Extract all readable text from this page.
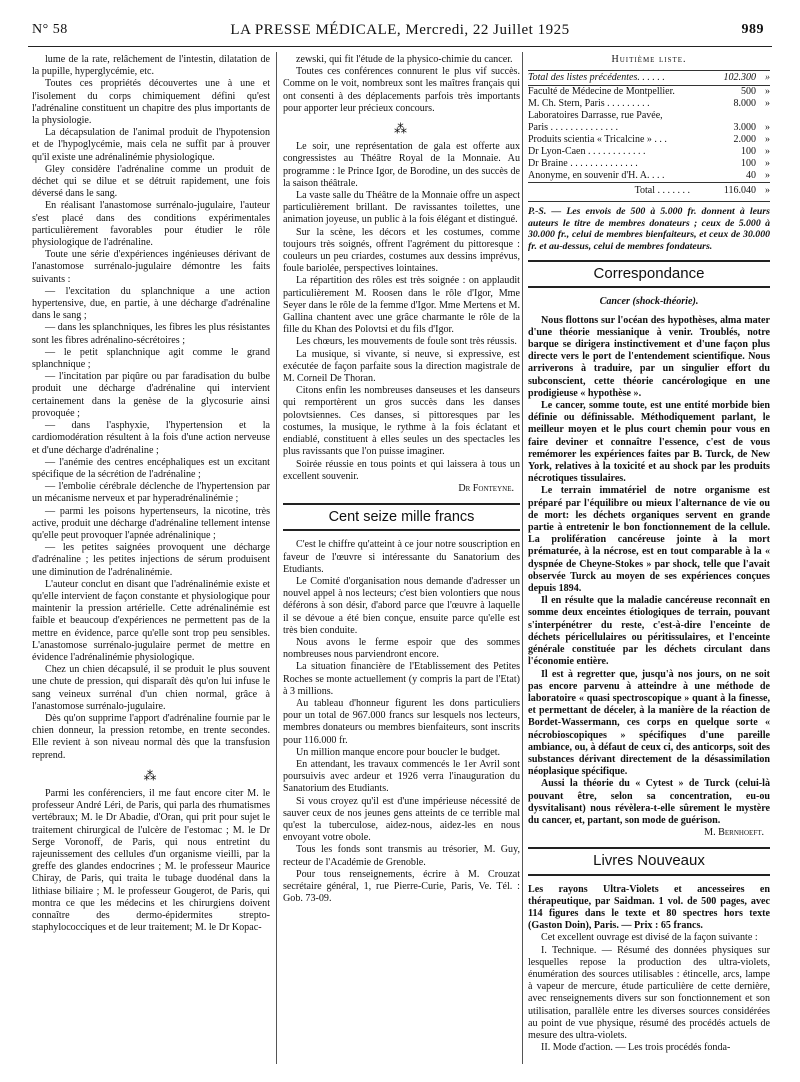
N° 58	LA PRESSE MÉDICALE, Mercredi, 22 Juillet 1925	989

lume de la rate, relâchement de l'intestin, dilatation de la pupille, hyperglycémie, etc.

Toutes ces propriétés découvertes une à une et l'isolement du corps chimiquement défini qu'est l'adrénaline constituent un chapitre des plus importants de la physiologie.

La décapsulation de l'animal produit de l'hypotension et de l'hypoglycémie, mais cela ne suffit par à prouver qu'il existe une adrénalinémie physiologique.

Gley considère l'adrénaline comme un produit de déchet qui se dilue et se détruit rapidement, une fois déversé dans le sang.

En réalisant l'anastomose surrénalo-jugulaire, l'auteur s'est placé dans des conditions expérimentales particulièrement favorables pour étudier le rôle physiologique de l'adrénaline.

Toute une série d'expériences ingénieuses dérivant de l'anastomose surrénalo-jugulaire démontre les faits suivants :

— l'excitation du splanchnique a une action hypertensive, due, en partie, à une décharge d'adrénaline dans le sang ;

— dans les splanchniques, les fibres les plus résistantes sont les fibres adrénalino-sécrétoires ;

— le petit splanchnique agit comme le grand splanchnique ;

— l'incitation par piqûre ou par faradisation du bulbe produit une décharge d'adrénaline qui intervient certainement dans la genèse de la glycosurie ainsi provoquée ;

— dans l'asphyxie, l'hypertension et la cardiomodération résultent à la fois d'une action nerveuse et d'une décharge d'adrénaline ;

— l'anémie des centres encéphaliques est un excitant spécifique de la sécrétion de l'adrénaline ;

— l'embolie cérébrale déclenche de l'hypertension par un mécanisme nerveux et par hyperadrénalinémie ;

— parmi les poisons hypertenseurs, la nicotine, très active, produit une décharge d'adrénaline tellement intense qu'elle peut provoquer l'apnée adrénalinique ;

— les petites saignées provoquent une décharge d'adrénaline ; les petites injections de sérum produisent une diminution de l'adrénalinémie.

L'auteur conclut en disant que l'adrénalinémie existe et qu'elle intervient de façon constante et physiologique pour maintenir la pression artérielle. Cette adrénalinémie est faible et beaucoup d'expériences ne permettent pas de la mettre en évidence, parce qu'elle sont trop peu sensibles. L'anastomose surrénalo-jugulaire permet de mettre en évidence l'adrénalinémie physiologique.

Chez un chien décapsulé, il se produit le plus souvent une chute de pression, qui disparaît dès qu'on lui infuse le sang veineux surrénal d'un chien normal, grâce à l'anastomose surrénalo-jugulaire.

Dès qu'on supprime l'apport d'adrénaline fournie par le chien donneur, la pression retombe, en trente secondes. Elle revient à son niveau normal dès que la transfusion reprend.

⁂

Parmi les conférenciers, il me faut encore citer M. le professeur André Léri, de Paris, qui parla des rhumatismes vertébraux; M. le Dr Abadie, d'Oran, qui prit pour sujet le traitement chirurgical de l'ulcère de l'estomac ; M. le Dr Serge Voronoff, de Paris, qui nous entretint du rajeunissement des cellules d'un organisme vieilli, par la greffe des glandes endocrines ; M. le professeur Maurice Chiray, de Paris, qui traita le tubage duodénal dans la lithiase biliaire ; M. le professeur Gougerot, de Paris, qui montra ce que les médecins et les chirurgiens doivent connaître des dermo-épidermites strepto-staphylococciques et de leur traitement; M. le Dr Kopac-

zewski, qui fit l'étude de la physico-chimie du cancer.

Toutes ces conférences connurent le plus vif succès. Comme on le voit, nombreux sont les maîtres français qui ont consenti à des déplacements parfois très importants pour apporter leur précieux concours.

⁂

Le soir, une représentation de gala est offerte aux congressistes au Théâtre Royal de la Monnaie. Au programme : le Prince Igor, de Borodine, un des succès de la saison théâtrale.

La vaste salle du Théâtre de la Monnaie offre un aspect particulièrement brillant. De ravissantes toilettes, une animation joyeuse, un public à la fois élégant et distingué.

Sur la scène, les décors et les costumes, comme toujours très soignés, offrent l'agrément du pittoresque : couleurs un peu criardes, costumes aux dessins imprévus, foule bariolée, perspectives lointaines.

La répartition des rôles est très soignée : on applaudit particulièrement M. Roosen dans le rôle d'Igor, Mme Seyer dans le rôle de la femme d'Igor. Mme Mertens et M. Gallina chantent avec une grâce charmante le rôle de la fille du Khan des Polovtsi et du fils d'Igor.

Les chœurs, les mouvements de foule sont très réussis.

La musique, si vivante, si neuve, si expressive, est exécutée de façon parfaite sous la direction magistrale de M. Corneil De Thoran.

Citons enfin les nombreuses danseuses et les danseurs qui remportèrent un gros succès dans les danses polovtsiennes. Ces danses, si pittoresques par les costumes, la musique, le rythme à la fois éclatant et endiablé, constituent à elles seules un des spectacles les plus ravissants que l'on puisse imaginer.

Soirée réussie en tous points et qui laissera à tous un excellent souvenir.

Dr Fonteyne.
Cent seize mille francs

C'est le chiffre qu'atteint à ce jour notre souscription en faveur de l'œuvre si intéressante du Sanatorium des Etudiants.

Le Comité d'organisation nous demande d'adresser un nouvel appel à nos lecteurs; c'est bien volontiers que nous déférons à son désir, d'abord parce que l'œuvre à laquelle il se dévoue a été bien conçue, ensuite parce qu'elle est très bien conduite.

Nous avons le ferme espoir que des sommes nombreuses nous parviendront encore.

La situation financière de l'Etablissement des Petites Roches se monte actuellement (y compris la part de l'Etat) à 3 millions.

Au tableau d'honneur figurent les dons particuliers pour un total de 967.000 francs sur lesquels nos lecteurs, membres donateurs ou membres bienfaiteurs, sont inscrits pour 116.000 fr.

Un million manque encore pour boucler le budget.

En attendant, les travaux commencés le 1er Avril sont poursuivis avec ardeur et 1926 verra l'inauguration du Sanatorium des Etudiants.

Si vous croyez qu'il est d'une impérieuse nécessité de sauver ceux de nos jeunes gens atteints de ce terrible mal qu'est la tuberculose, aidez-nous, aidez-les en nous envoyant votre obole.

Tous les fonds sont transmis au trésorier, M. Guy, recteur de l'Académie de Grenoble.

Pour tous renseignements, écrire à M. Crouzat secrétaire général, 1, rue Pierre-Curie, Paris, Ve. Tél. : Gob. 73-09.

Huitième liste.
Total des listes précédentes. . . . . .	102.300	»
Faculté de Médecine de Montpellier.	500	»
M. Ch. Stern, Paris . . . . . . . . .	8.000	»
Laboratoires Darrasse, rue Pavée,		
Paris . . . . . . . . . . . . . .	3.000	»
Produits scientia « Tricalcine » . . .	2.000	»
Dr Lyon-Caen . . . . . . . . . . . .	100	»
Dr Braine . . . . . . . . . . . . . .	100	»
Anonyme, en souvenir d'H. A. . . .	40	»
Total . . . . . . .	116.040	»
P.-S. — Les envois de 500 à 5.000 fr. donnent à leurs auteurs le titre de membres donateurs ; ceux de 5.000 à 30.000 fr., celui de membres bienfaiteurs, et ceux de 30.000 fr. et au-dessus, celui de membres fondateurs.
Correspondance
Cancer (shock-théorie).

Nous flottons sur l'océan des hypothèses, alma mater d'une théorie messianique à venir. Troublés, notre barque se dirigera instinctivement et d'une façon plus directe vers le port de l'entendement scientifique. Nous arriverons à traduire, par un singulier effort du subconscient, cette théorie cancérologique en une prodigieuse « hypothèse ».

Le cancer, somme toute, est une entité morbide bien définie ou définissable. Méthodiquement parlant, le meilleur moyen et le plus court chemin pour vous en faire deviner et connaître l'essence, c'est de vous remémorer les expériences faites par B. Turck, de New York, relatives à la toxicité et au shock par les produits nécrotiques tissulaires.

Le terrain immatériel de notre organisme est préparé par l'équilibre ou mieux l'alternance de vie ou de mort: les déchets organiques servent en grande partie à entretenir le bon fonctionnement de la cellule. La prolifération cancéreuse jointe à la mort prématurée, à la nécrose, est en tout comparable à la « dyspnée de Cheyne-Stokes » par shock, telle que l'avait observée Turck au moyen de ses expériences conçues depuis 1894.

Il en résulte que la maladie cancéreuse reconnaît en somme deux enceintes étiologiques de terrain, pouvant s'interpénétrer du reste, c'est-à-dire l'enceinte de déchets péricellulaires ou péritissulaires, et l'enceinte générale constituée par les déchets circulant dans l'économie entière.

Il est à regretter que, jusqu'à nos jours, on ne soit pas encore parvenu à atteindre à une méthode de laboratoire « quasi spectroscopique » quant à la finesse, et permettant de déceler, à la manière de la réaction de Bordet-Wassermann, ces corps en quelque sorte « nécrobioscopiques » spécifiques d'une pareille ambiance, ou, à défaut de ceux ci, des anticorps, soit des substances dérivant directement de la désassimilation néoplasique spécifique.

Aussi la théorie du « Cytest » de Turck (celui-là pouvant être, selon sa concentration, eu-ou dysvitalisant) nous révèlera-t-elle sûrement le mystère du cancer, et, partant, son mode de guérison.

M. Bernhoeft.
Livres Nouveaux

Les rayons Ultra-Violets et ancesseires en thérapeutique, par Saidman. 1 vol. de 500 pages, avec 114 figures dans le texte et 80 spectres hors texte (Gaston Doin), Paris. — Prix : 65 francs.

Cet excellent ouvrage est divisé de la façon suivante :

I. Technique. — Résumé des données physiques sur lesquelles repose la production des ultra-violets, énumération des sources utilisables : étincelle, arcs, lampe à vapeur de mercure, étude particulière de cette dernière, avec renseignements divers sur son fonctionnement et son utilisation, parallèle entre les diverses sources considérées au point de vue physique, résumé des procédés actuels de mesure des ultra-violets.

II. Mode d'action. — Les trois procédés fonda-
